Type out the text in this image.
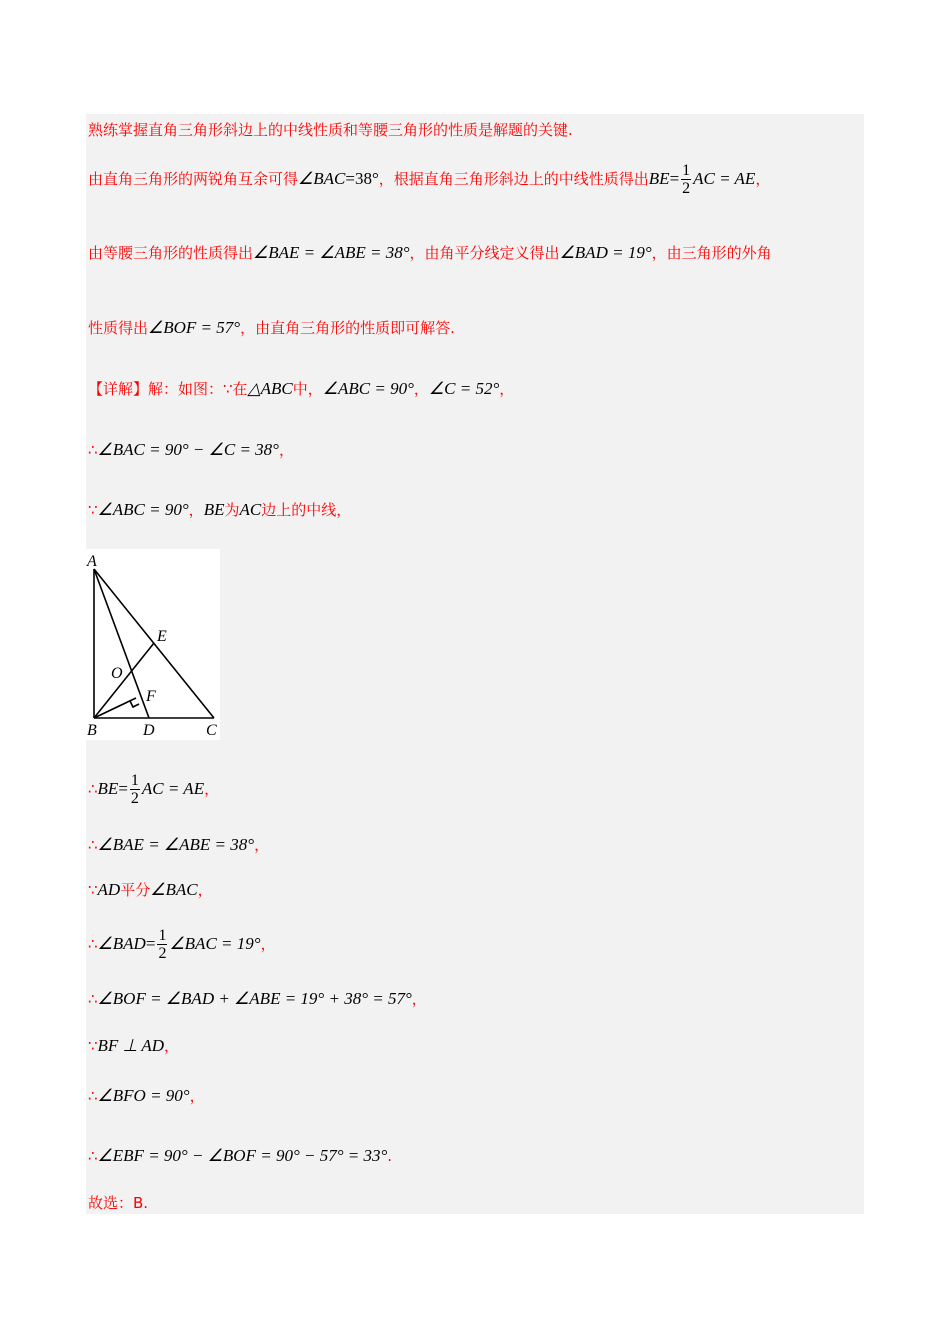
熟练掌握直角三角形斜边上的中线性质和等腰三角形的性质是解题的关键.
由直角三角形的两锐角互余可得∠BAC=38°，根据直角三角形斜边上的中线性质得出$BE= \frac{1}{2}$ AC = AE，
由等腰三角形的性质得出∠BAE = ∠ABE = 38°，由角平分线定义得出∠BAD = 19°，由三角形的外角
性质得出∠BOF = 57°，由直角三角形的性质即可解答.
【详解】解：如图：∵在△ABC中，∠ABC = 90°，∠C = 52°，
∴∠BAC = 90° − ∠C = 38°，
∵∠ABC = 90°，BE为AC边上的中线，
A
B	C
D
E
O
F
∴BE= $\frac{1}{2}$ AC = AE，
∴∠BAE = ∠ABE = 38°，
∵AD平分∠BAC，
∴∠BAD= $\frac{1}{2}$ ∠BAC = 19°，
∴∠BOF = ∠BAD + ∠ABE = 19° + 38° = 57°，
∵BF ⊥ AD，
∴∠BFO = 90°，
∴∠EBF = 90° − ∠BOF = 90° − 57° = 33°.
故选：B.
